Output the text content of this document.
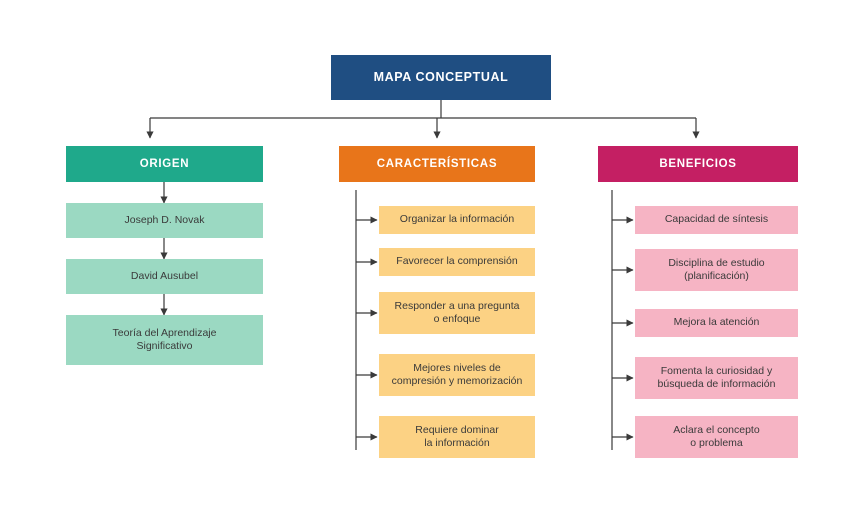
MAPA CONCEPTUAL
ORIGEN
Joseph D. Novak
David Ausubel
Teoría del Aprendizaje
Significativo
CARACTERÍSTICAS
Organizar la información
Favorecer la comprensión
Responder a una pregunta
o enfoque
Mejores niveles de
compresión y memorización
Requiere dominar
la información
BENEFICIOS
Capacidad de síntesis
Disciplina de estudio
(planificación)
Mejora la atención
Fomenta la curiosidad y
búsqueda de información
Aclara el concepto
o problema
